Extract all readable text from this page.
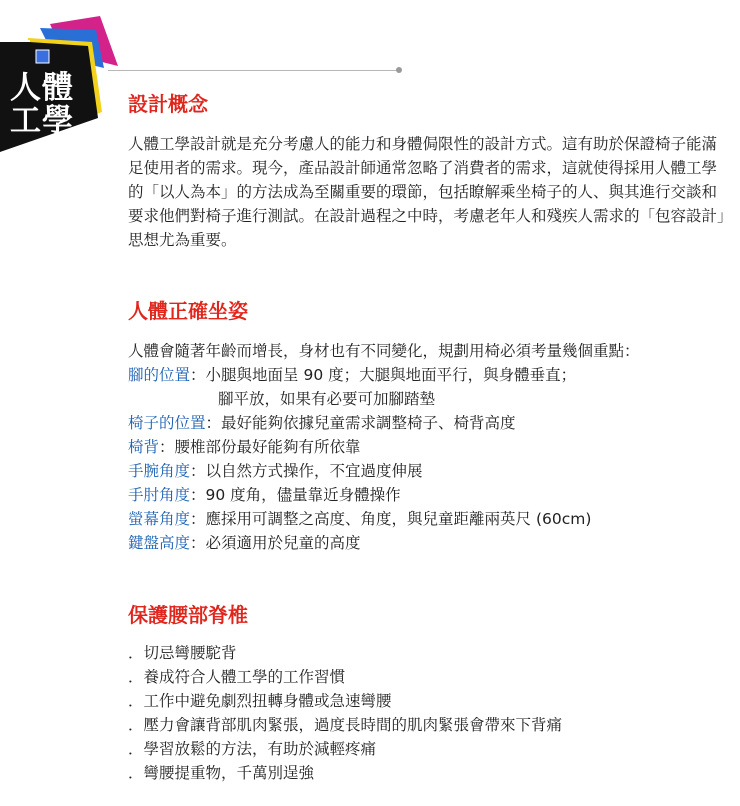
人體
工學	設計概念

人體工學設計就是充分考慮人的能力和身體侷限性的設計方式。這有助於保證椅子能滿足使用者的需求。現今，產品設計師通常忽略了消費者的需求，這就使得採用人體工學的「以人為本」的方法成為至關重要的環節，包括瞭解乘坐椅子的人、與其進行交談和要求他們對椅子進行測試。在設計過程之中時，考慮老年人和殘疾人需求的「包容設計」思想尤為重要。

人體正確坐姿
人體會隨著年齡而增長，身材也有不同變化，規劃用椅必須考量幾個重點：
腳的位置：小腿與地面呈 90 度；大腿與地面平行，與身體垂直；
腳平放，如果有必要可加腳踏墊
椅子的位置：最好能夠依據兒童需求調整椅子、椅背高度
椅背：腰椎部份最好能夠有所依靠
手腕角度：以自然方式操作，不宜過度伸展
手肘角度：90 度角，儘量靠近身體操作
螢幕角度：應採用可調整之高度、角度，與兒童距離兩英尺 (60cm)
鍵盤高度：必須適用於兒童的高度
保護腰部脊椎
．切忌彎腰駝背
．養成符合人體工學的工作習慣
．工作中避免劇烈扭轉身體或急速彎腰
．壓力會讓背部肌肉緊張，過度長時間的肌肉緊張會帶來下背痛
．學習放鬆的方法，有助於減輕疼痛
．彎腰提重物，千萬別逞強
